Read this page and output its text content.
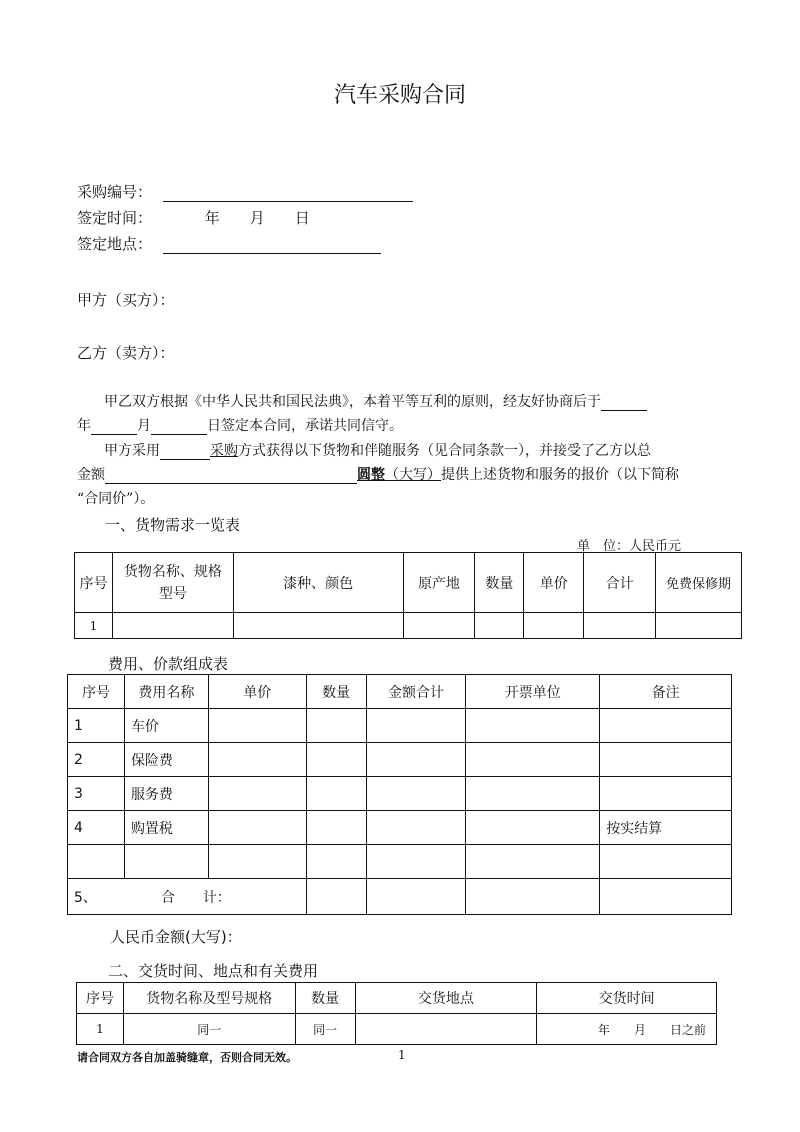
汽车采购合同
采购编号：
签定时间：	年　　月　　日
签定地点：
甲方（买方）：
乙方（卖方）：
甲乙双方根据《中华人民共和国民法典》，本着平等互利的原则，经友好协商后于
年	月	日签定本合同，承诺共同信守。
甲方采用	采购方式获得以下货物和伴随服务（见合同条款一），并接受了乙方以总
金额	圆整（大写）提供上述货物和服务的报价（以下简称
“合同价”）。
一、货物需求一览表
单　位：人民币元
序号	货物名称、规格型号	漆种、颜色	原产地	数量	单价	合计	免费保修期
1							
费用、价款组成表
序号	费用名称	单价	数量	金额合计	开票单位	备注
1	车价					
2	保险费					
3	服务费					
4	购置税					按实结算

5、 合　　计：						
人民币金额(大写)：
二、交货时间、地点和有关费用
序号	货物名称及型号规格	数量	交货地点	交货时间
1	同一	同一		年　　月　　日之前
请合同双方各自加盖骑缝章，否则合同无效。	1
